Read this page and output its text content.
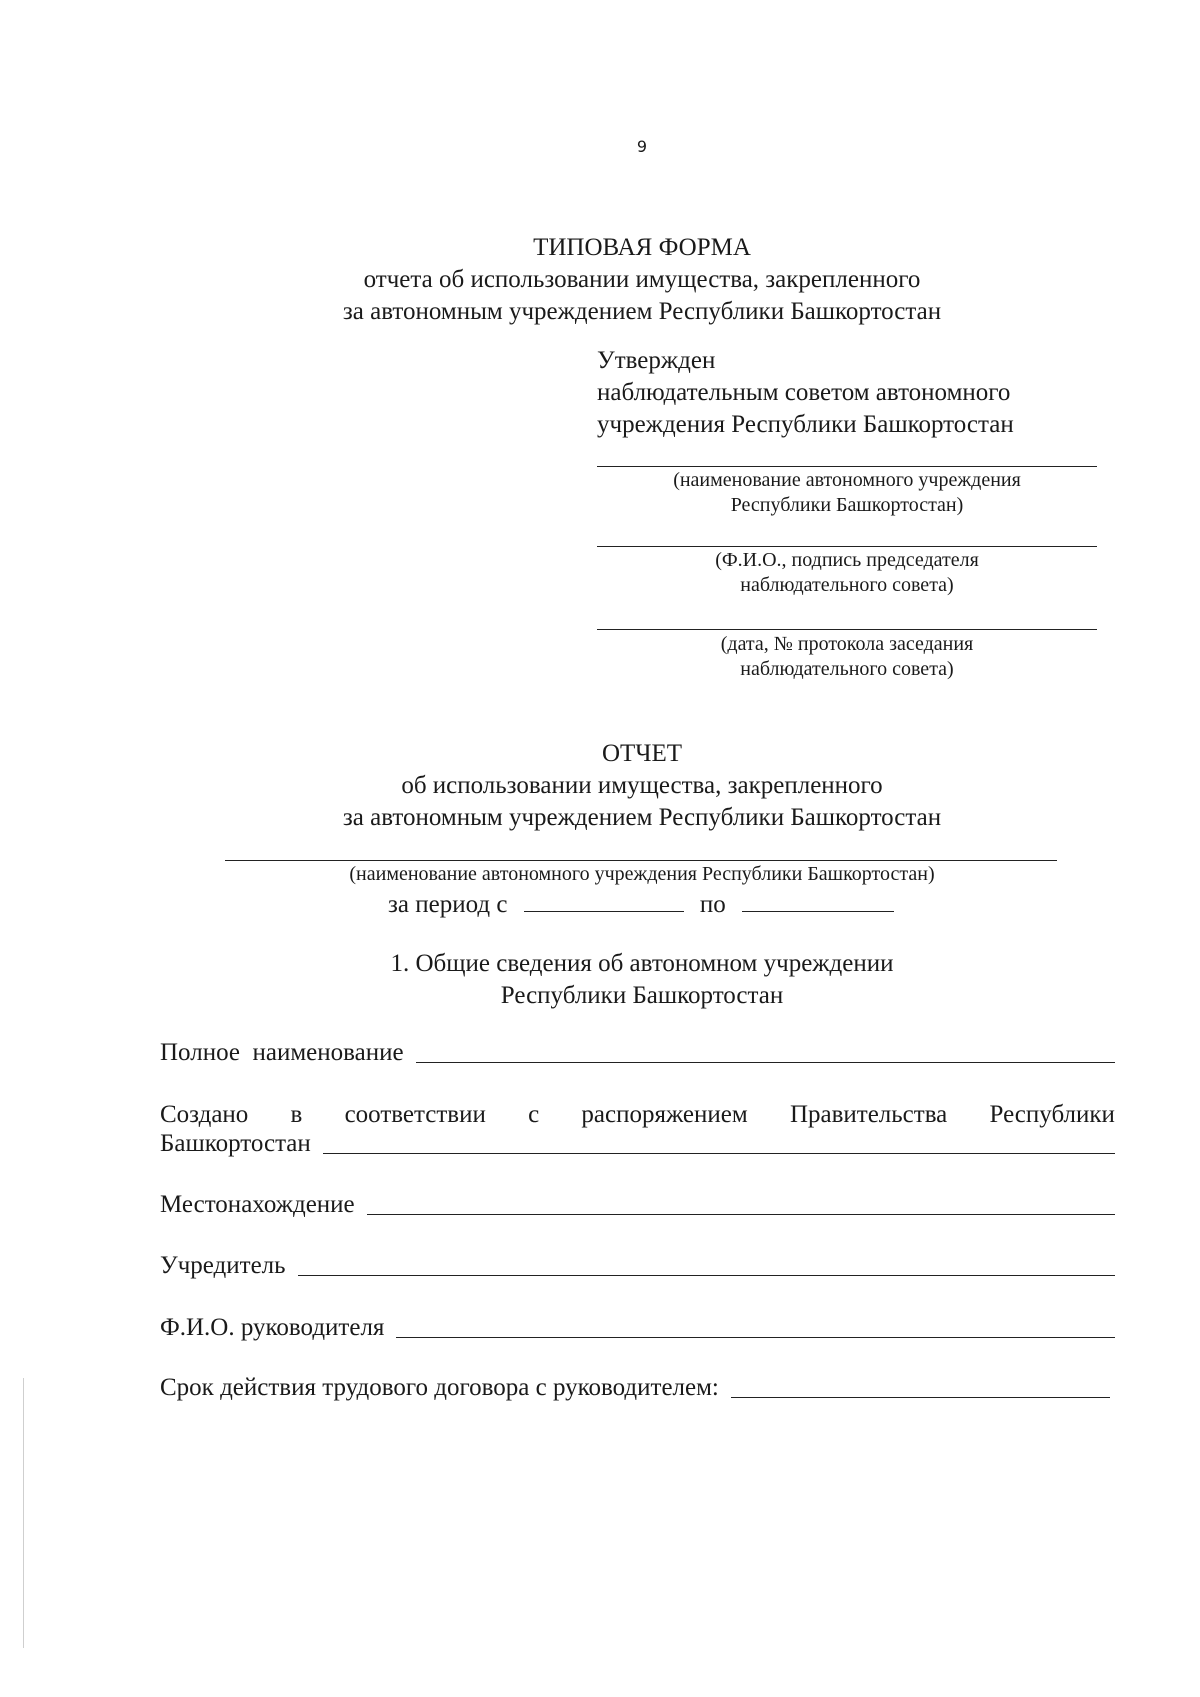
9
ТИПОВАЯ ФОРМА
отчета об использовании имущества, закрепленного
за автономным учреждением Республики Башкортостан
Утвержден
наблюдательным советом автономного
учреждения Республики Башкортостан
(наименование автономного учреждения
Республики Башкортостан)
(Ф.И.О., подпись председателя
наблюдательного совета)
(дата, № протокола заседания
наблюдательного совета)
ОТЧЕТ
об использовании имущества, закрепленного
за автономным учреждением Республики Башкортостан
(наименование автономного учреждения Республики Башкортостан)
за период с	по
1. Общие сведения об автономном учреждении
Республики Башкортостан
Полное  наименование
Создано в соответствии с распоряжением Правительства Республики
Башкортостан
Местонахождение
Учредитель
Ф.И.О. руководителя
Срок действия трудового договора с руководителем:
